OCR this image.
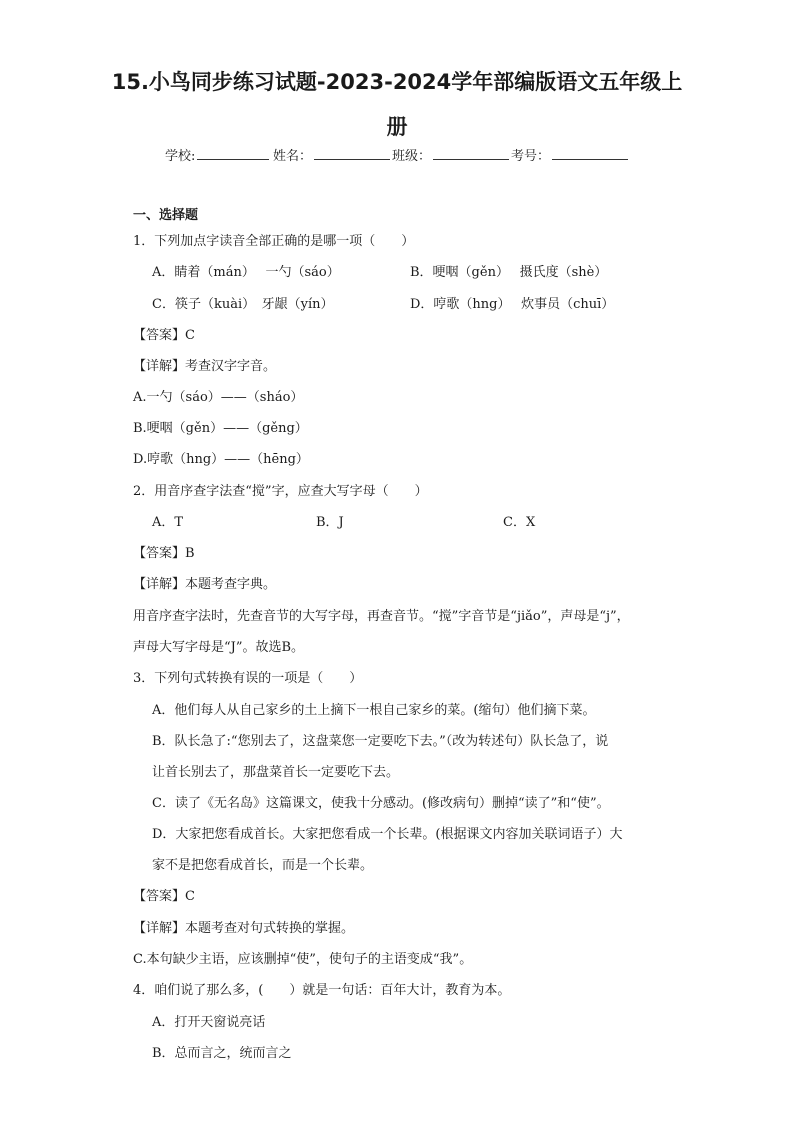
15.小鸟同步练习试题-2023-2024学年部编版语文五年级上
册
学校:	姓名：	班级：	考号：
一、选择题
1．下列加点字读音全部正确的是哪一项（　　）
A．睛着（mán）　 一勺（sáo）	B．哽咽（gěn）　 摄氏度（shè）
C．筷子（kuài）　牙龈（yín）	D．哼歌（hng）　 炊事员（chuī）
【答案】C
【详解】考查汉字字音。
A.一勺（sáo）——（sháo）
B.哽咽（gěn）——（gěng）
D.哼歌（hng）——（hēng）
2．用音序查字法查“搅”字，应查大写字母（　　）
A．T	B．J	C．X
【答案】B
【详解】本题考查字典。
用音序查字法时，先查音节的大写字母，再查音节。“搅”字音节是“jiǎo”，声母是“j”，
声母大写字母是“J”。故选B。
3．下列句式转换有误的一项是（　　）
A．他们每人从自己家乡的土上摘下一根自己家乡的菜。(缩句）他们摘下菜。
B．队长急了:“您别去了，这盘菜您一定要吃下去。”（改为转述句）队长急了，说
让首长别去了，那盘菜首长一定要吃下去。
C．读了《无名岛》这篇课文，使我十分感动。(修改病句）删掉“读了”和“使”。
D．大家把您看成首长。大家把您看成一个长辈。(根据课文内容加关联词语子）大
家不是把您看成首长，而是一个长辈。
【答案】C
【详解】本题考查对句式转换的掌握。
C.本句缺少主语，应该删掉“使”，使句子的主语变成“我”。
4．咱们说了那么多，(　　）就是一句话：百年大计，教育为本。
A．打开天窗说亮话
B．总而言之，统而言之
